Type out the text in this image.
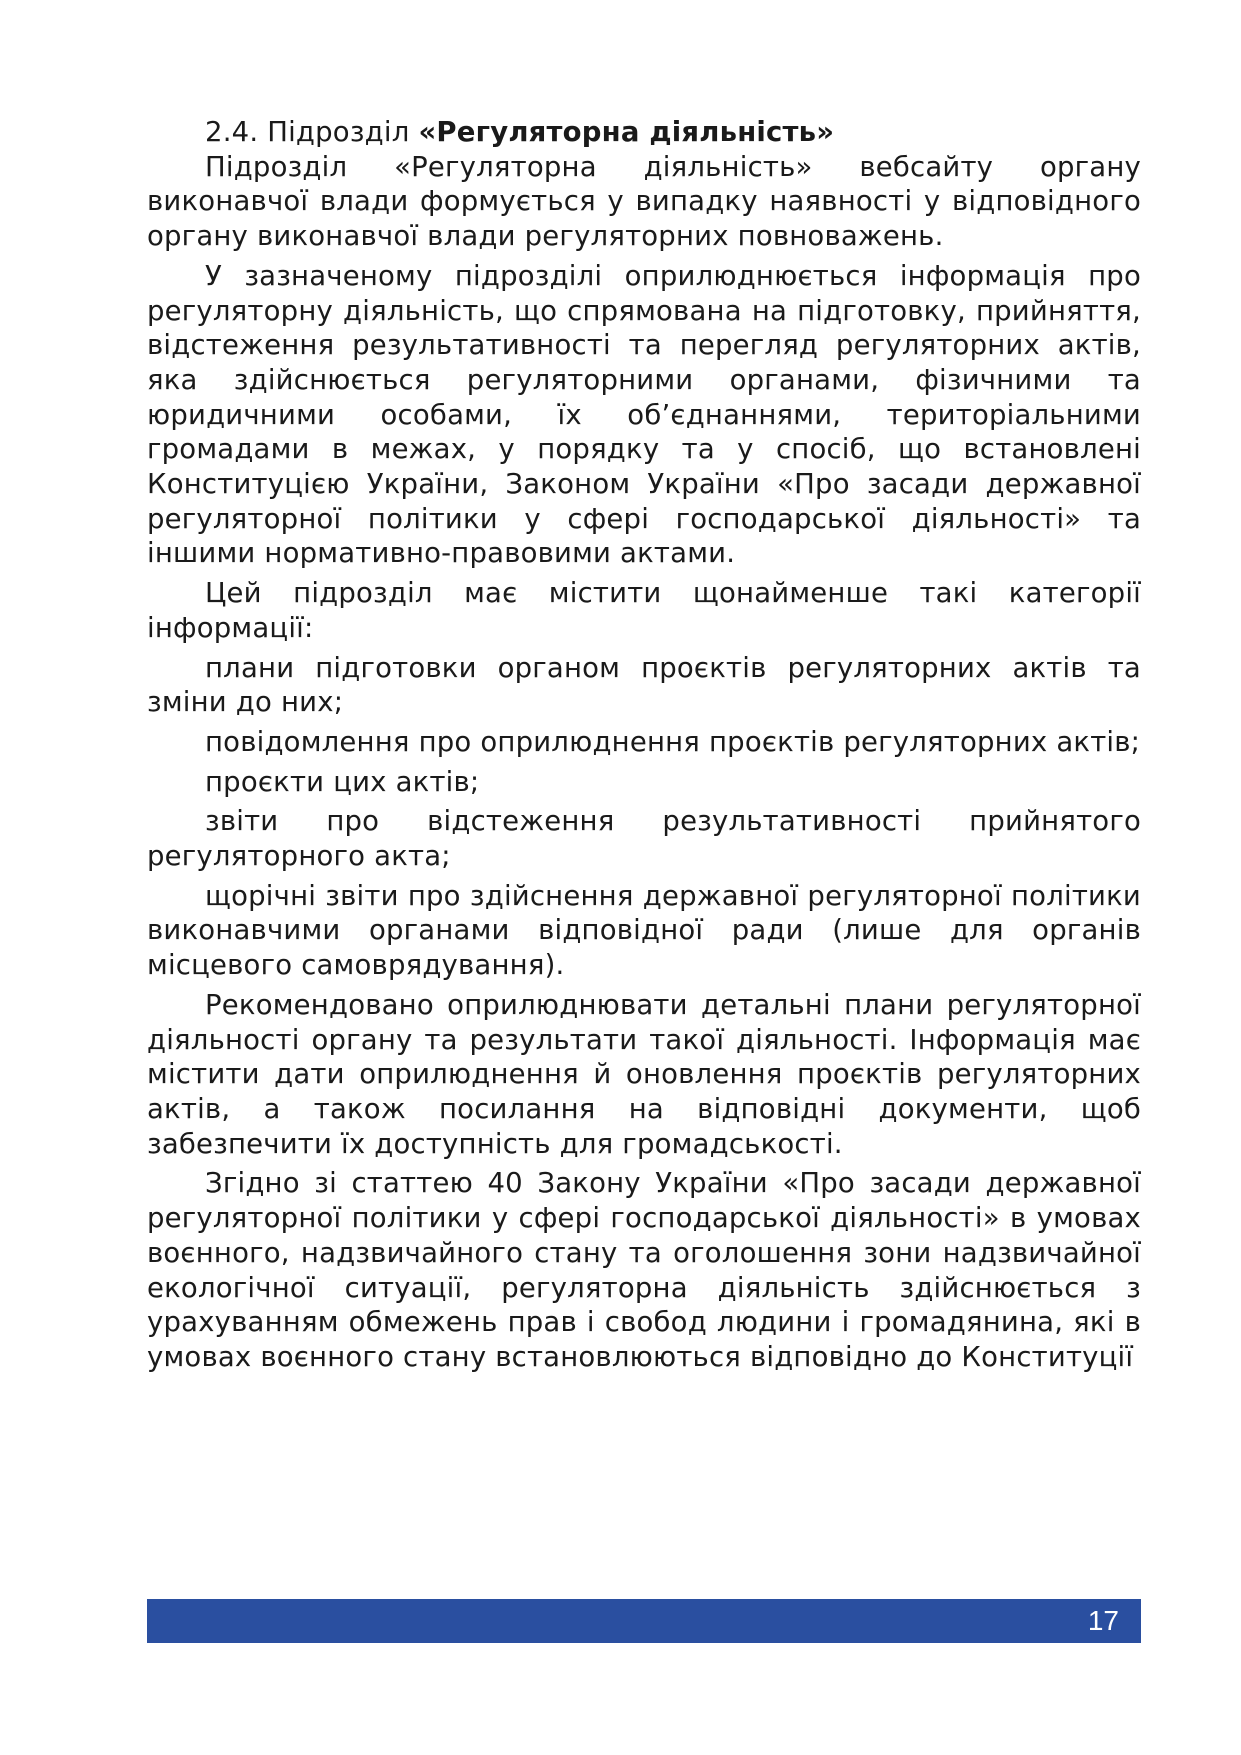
2.4. Підрозділ «Регуляторна діяльність»

Підрозділ «Регуляторна діяльність» вебсайту органу виконавчої влади формується у випадку наявності у відповідного органу виконавчої влади регуляторних повноважень.

У зазначеному підрозділі оприлюднюється інформація про регуляторну діяльність, що спрямована на підготовку, прийняття, відстеження результативності та перегляд регуляторних актів, яка здійснюється регуляторними органами, фізичними та юридичними особами, їх об’єднаннями, територіальними громадами в межах, у порядку та у спосіб, що встановлені Конституцією України, Законом України «Про засади державної регуляторної політики у сфері господарської діяльності» та іншими нормативно-правовими актами.

Цей підрозділ має містити щонайменше такі категорії інформації:

плани підготовки органом проєктів регуляторних актів та зміни до них;

повідомлення про оприлюднення проєктів регуляторних актів;

проєкти цих актів;

звіти про відстеження результативності прийнятого регуляторного акта;

щорічні звіти про здійснення державної регуляторної політики виконавчими органами відповідної ради (лише для органів місцевого самоврядування).

Рекомендовано оприлюднювати детальні плани регуляторної діяльності органу та результати такої діяльності. Інформація має містити дати оприлюднення й оновлення проєктів регуляторних актів, а також посилання на відповідні документи, щоб забезпечити їх доступність для громадськості.

Згідно зі статтею 40 Закону України «Про засади державної регуляторної політики у сфері господарської діяльності» в умовах воєнного, надзвичайного стану та оголошення зони надзвичайної екологічної ситуації, регуляторна діяльність здійснюється з урахуванням обмежень прав і свобод людини і громадянина, які в умовах воєнного стану встановлюються відповідно до Конституції

17
